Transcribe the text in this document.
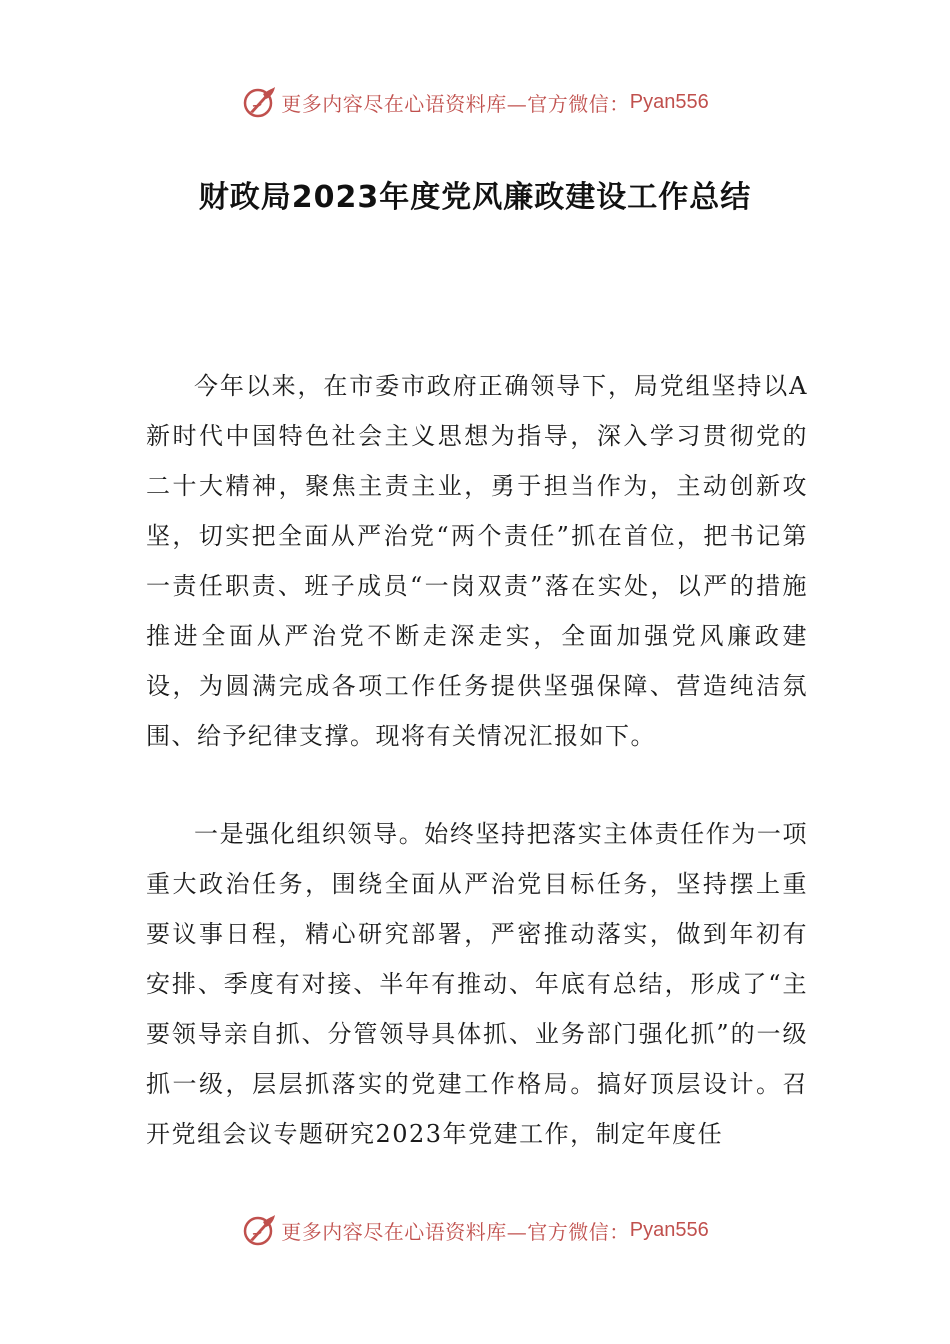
更多内容尽在心语资料库—官方微信： Pyan556
财政局2023年度党风廉政建设工作总结

今年以来，在市委市政府正确领导下，局党组坚持以A新时代中国特色社会主义思想为指导，深入学习贯彻党的二十大精神，聚焦主责主业，勇于担当作为，主动创新攻坚，切实把全面从严治党“两个责任”抓在首位，把书记第一责任职责、班子成员“一岗双责”落在实处，以严的措施推进全面从严治党不断走深走实，全面加强党风廉政建设，为圆满完成各项工作任务提供坚强保障、营造纯洁氛围、给予纪律支撑。现将有关情况汇报如下。

一是强化组织领导。始终坚持把落实主体责任作为一项重大政治任务，围绕全面从严治党目标任务，坚持摆上重要议事日程，精心研究部署，严密推动落实，做到年初有安排、季度有对接、半年有推动、年底有总结，形成了“主要领导亲自抓、分管领导具体抓、业务部门强化抓”的一级抓一级，层层抓落实的党建工作格局。搞好顶层设计。召开党组会议专题研究2023年党建工作，制定年度任

更多内容尽在心语资料库—官方微信： Pyan556
